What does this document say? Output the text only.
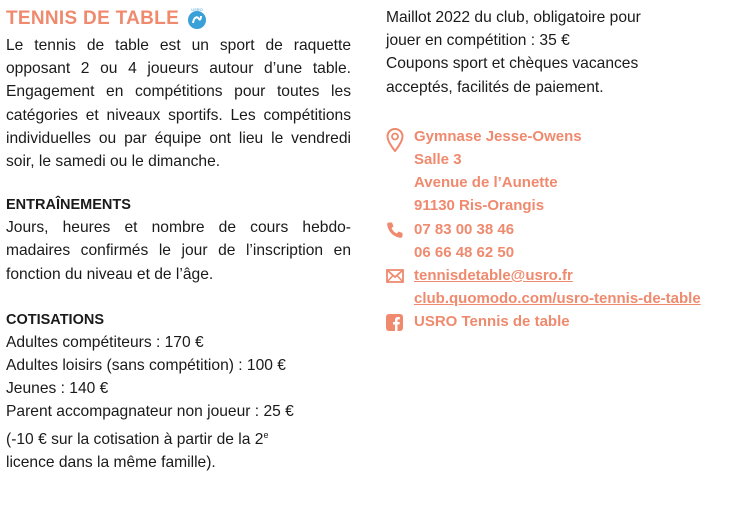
TENNIS DE TABLE	USRO

Le tennis de table est un sport de raquette opposant 2 ou 4 joueurs autour d’une table. Engagement en compétitions pour toutes les catégories et niveaux sportifs. Les compétitions individuelles ou par équipe ont lieu le vendredi soir, le samedi ou le dimanche.

ENTRAÎNEMENTS

Jours, heures et nombre de cours hebdo-madaires confirmés le jour de l’inscription en fonction du niveau et de l’âge.

COTISATIONS

Adultes compétiteurs : 170 €

Adultes loisirs (sans compétition) : 100 €

Jeunes : 140 €

Parent accompagnateur non joueur : 25 €

(-10 € sur la cotisation à partir de la 2e

licence dans la même famille).

Maillot 2022 du club, obligatoire pour

jouer en compétition : 35 €

Coupons sport et chèques vacances

acceptés, facilités de paiement.

Gymnase Jesse-Owens
Salle 3
Avenue de l’Aunette
91130 Ris-Orangis
07 83 00 38 46
06 66 48 62 50
tennisdetable@usro.fr
club.quomodo.com/usro-tennis-de-table
USRO Tennis de table
